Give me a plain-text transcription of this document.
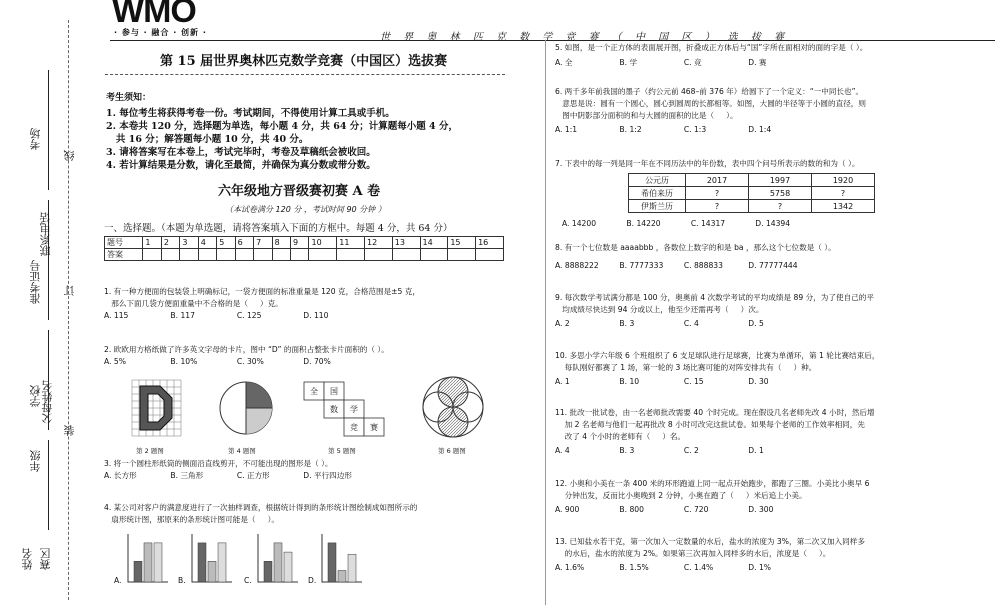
考场
线
准考证号
联系电话
订
学校 父母姓名
装
年级
姓名 赛区
WMO
· 参与 · 融合 · 创新 ·	世 界 奥 林 匹 克 数 学 竞 赛 （ 中 国 区 ） 选 拔 赛
第 15 届世界奥林匹克数学竞赛（中国区）选拔赛
考生须知：
1. 每位考生将获得考卷一份。考试期间，不得使用计算工具或手机。
2. 本卷共 120 分，选择题为单选，每小题 4 分，共 64 分；计算题每小题 4 分，
共 16 分；解答题每小题 10 分，共 40 分。
3. 请将答案写在本卷上，考试完毕时，考卷及草稿纸会被收回。
4. 若计算结果是分数，请化至最简，并确保为真分数或带分数。
六年级地方晋级赛初赛 A 卷
（本试卷满分 120 分 ，考试时间 90 分钟 ）
一、选择题。（本题为单选题，请将答案填入下面的方框中。每题 4 分，共 64 分）
题号	1	2	3	4	5	6	7	8	9	10	11	12	13	14	15	16
答案																
1. 有一种方便面的包装袋上明确标记，一袋方便面的标准重量是 120 克，合格范围是±5 克，
那么下面几袋方便面重量中不合格的是（     ）克。
A. 115	B. 117	C. 125	D. 110
2. 欧欧用方格纸做了许多英文字母的卡片，图中 “D” 的面积占整张卡片面积的（ ）。
A. 5%	B. 10%	C. 30%	D. 70%
第 2 题图	第 4 题图
全 国
数 学
竞 赛
第 5 题图	第 6 题图
3. 将一个圆柱形纸筒的侧面沿直线剪开，不可能出现的图形是（ ）。
A. 长方形	B. 三角形	C. 正方形	D. 平行四边形
4. 某公司对客户的满意度进行了一次抽样调查，根据统计得到的条形统计图绘制成如图所示的
扇形统计图，那原来的条形统计图可能是（     ）。
A.	B.	C.	D.
5. 如图，是一个正方体的表面展开图，折叠成正方体后与“国”字所在面相对的面的字是（ ）。
A. 全	B. 学	C. 竞	D. 赛
6. 两千多年前我国的墨子（约公元前 468–前 376 年）给圆下了一个定义：“一中同长也”。
意思是说：圆有一个圆心，圆心到圆周的长都相等。如图，大圆的半径等于小圆的直径，则
图中阴影部分面积的和与大圆的面积的比是（     ）。
A. 1:1	B. 1:2	C. 1:3	D. 1:4
7. 下表中的每一列是同一年在不同历法中的年份数，表中四个问号所表示的数的和为（ ）。
公元历	2017	1997	1920
希伯来历	?	5758	?
伊斯兰历	?	?	1342
A. 14200	B. 14220	C. 14317	D. 14394
8. 有一个七位数是 aaaabbb ，各数位上数字的和是 ba ，那么这个七位数是（ ）。
A. 8888222	B. 7777333	C. 888833	D. 77777444
9. 每次数学考试满分都是 100 分，奥奥前 4 次数学考试的平均成绩是 89 分，为了使自己的平
均成绩尽快达到 94 分或以上，他至少还需再考（     ）次。
A. 2	B. 3	C. 4	D. 5
10. 多思小学六年级 6 个班组织了 6 支足球队进行足球赛，比赛为单循环，第 1 轮比赛结束后，
每队刚好都赛了 1 场，第一轮的 3 场比赛可能的对阵安排共有（     ）种。
A. 1	B. 10	C. 15	D. 30
11. 批改一批试卷，由一名老师批改需要 40 个时完成。现在假设几名老师先改 4 小时，然后增
加 2 名老师与他们一起再批改 8 小时可改完这批试卷。如果每个老师的工作效率相同，先
改了 4 个小时的老师有（     ）名。
A. 4	B. 3	C. 2	D. 1
12. 小奥和小美在一条 400 米的环形跑道上同一起点开始跑步，都跑了三圈。小美比小奥早 6
分钟出发，反而比小奥晚到 2 分钟，小奥在跑了（     ）米后追上小美。
A. 900	B. 800	C. 720	D. 300
13. 已知盐水若干克，第一次加入一定数量的水后，盐水的浓度为 3%，第二次又加入同样多
的水后，盐水的浓度为 2%。如果第三次再加入同样多的水后，浓度是（     ）。
A. 1.6%	B. 1.5%	C. 1.4%	D. 1%
